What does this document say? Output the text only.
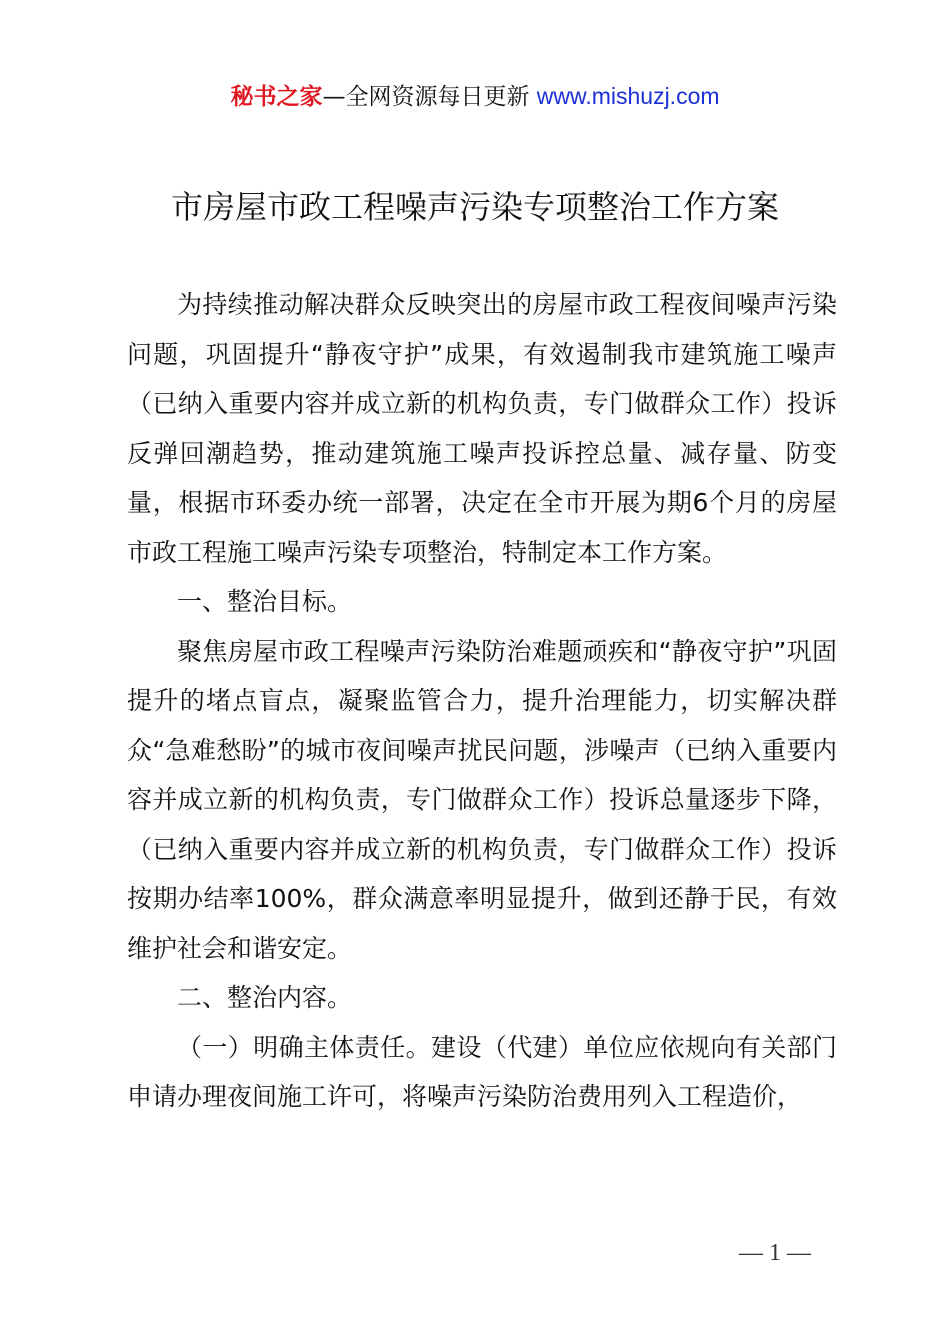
秘书之家—全网资源每日更新 www.mishuzj.com
市房屋市政工程噪声污染专项整治工作方案

为持续推动解决群众反映突出的房屋市政工程夜间噪声污染问题，巩固提升“静夜守护”成果，有效遏制我市建筑施工噪声（已纳入重要内容并成立新的机构负责，专门做群众工作）投诉反弹回潮趋势，推动建筑施工噪声投诉控总量、减存量、防变量，根据市环委办统一部署，决定在全市开展为期6个月的房屋市政工程施工噪声污染专项整治，特制定本工作方案。

一、整治目标。

聚焦房屋市政工程噪声污染防治难题顽疾和“静夜守护”巩固提升的堵点盲点，凝聚监管合力，提升治理能力，切实解决群众“急难愁盼”的城市夜间噪声扰民问题，涉噪声（已纳入重要内容并成立新的机构负责，专门做群众工作）投诉总量逐步下降，（已纳入重要内容并成立新的机构负责，专门做群众工作）投诉按期办结率100%，群众满意率明显提升，做到还静于民，有效维护社会和谐安定。

二、整治内容。

（一）明确主体责任。建设（代建）单位应依规向有关部门申请办理夜间施工许可，将噪声污染防治费用列入工程造价，

— 1 —
